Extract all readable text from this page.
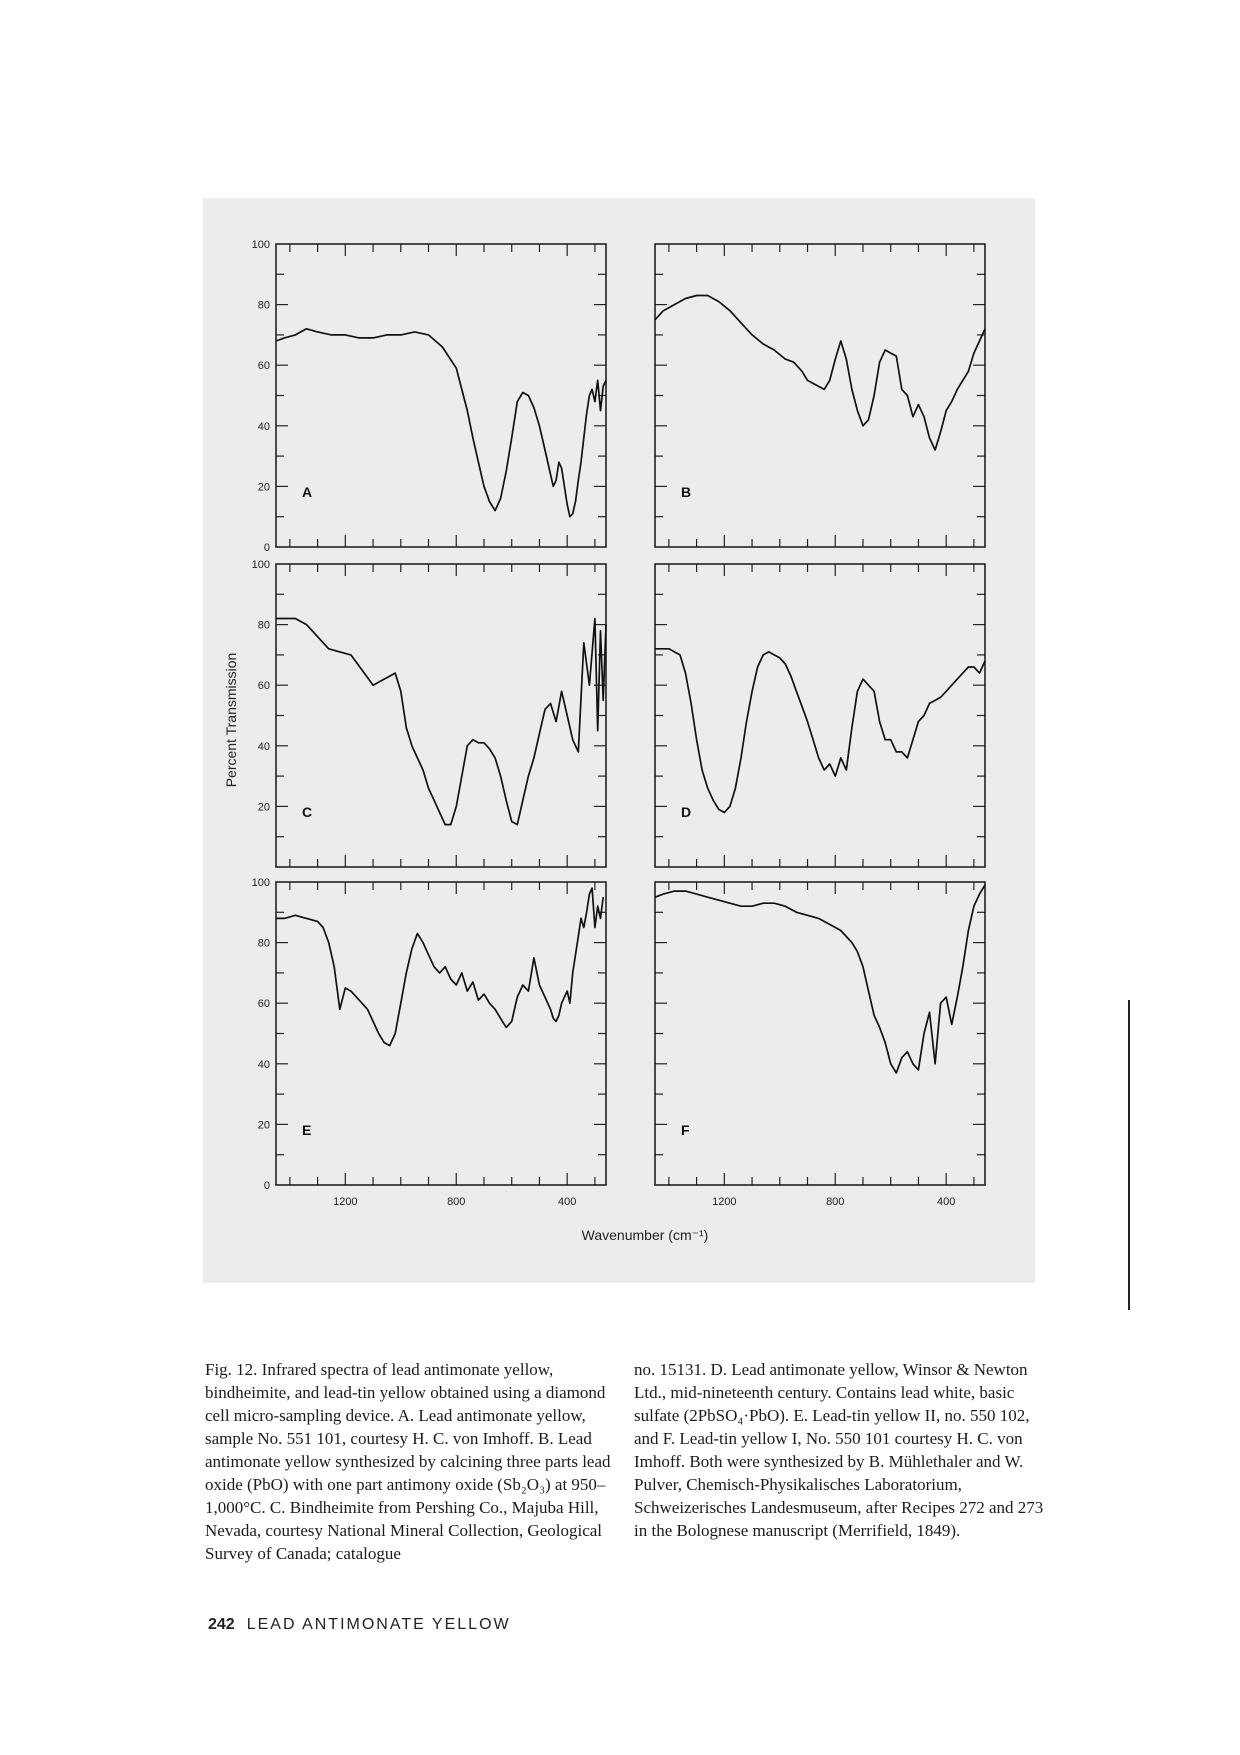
0
20
40
60
80
100
A	B
20
40
60
80
100
C	D
20
40
60
80
100
0
1200	800	400
E
1200	800	400
F
Percent Transmission
Wavenumber (cm⁻¹)
Fig. 12. Infrared spectra of lead antimonate yellow, bindheimite, and lead-tin yellow obtained using a diamond cell micro-sampling device. A. Lead antimonate yellow, sample No. 551 101, courtesy H. C. von Imhoff. B. Lead antimonate yellow synthesized by calcining three parts lead oxide (PbO) with one part antimony oxide (Sb₂O₃) at 950–1,000°C. C. Bindheimite from Pershing Co., Majuba Hill, Nevada, courtesy National Mineral Collection, Geological Survey of Canada; catalogue
no. 15131. D. Lead antimonate yellow, Winsor & Newton Ltd., mid-nineteenth century. Contains lead white, basic sulfate (2PbSO₄·PbO). E. Lead-tin yellow II, no. 550 102, and F. Lead-tin yellow I, No. 550 101 courtesy H. C. von Imhoff. Both were synthesized by B. Mühlethaler and W. Pulver, Chemisch-Physikalisches Laboratorium, Schweizerisches Landesmuseum, after Recipes 272 and 273 in the Bolognese manuscript (Merrifield, 1849).
242 LEAD ANTIMONATE YELLOW
